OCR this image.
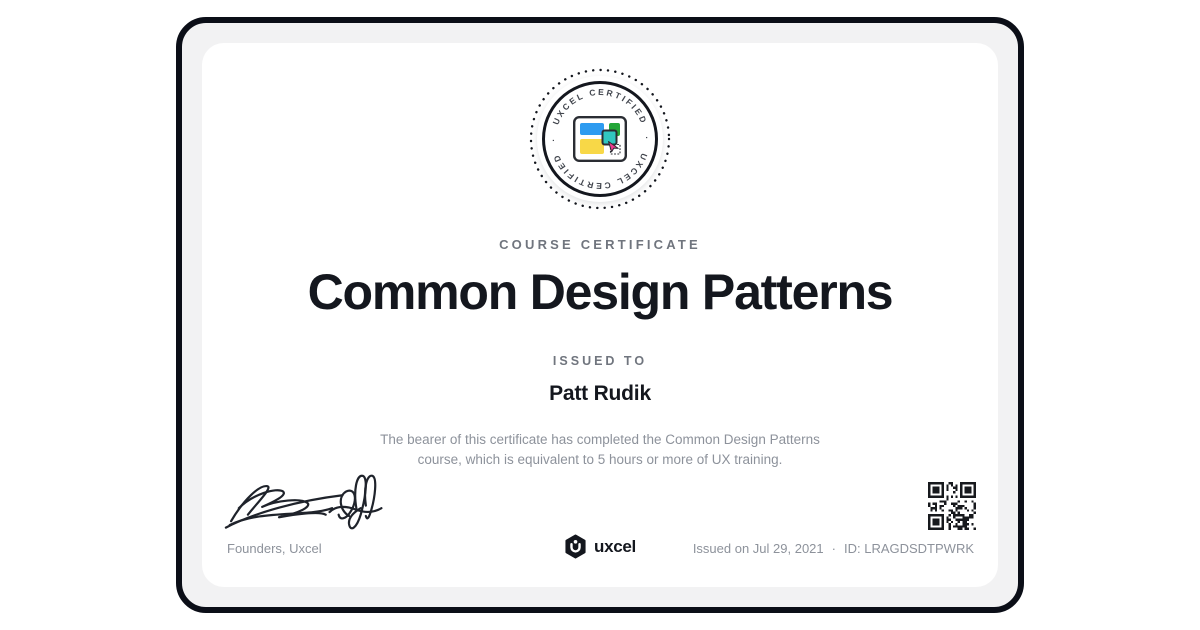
·
UXCEL CERTIFIED
·
UXCEL CERTIFIED
COURSE CERTIFICATE
Common Design Patterns
ISSUED TO
Patt Rudik
The bearer of this certificate has completed the Common Design Patterns
course, which is equivalent to 5 hours or more of UX training.
Founders, Uxcel	uxcel	Issued on Jul 29, 2021 · ID: LRAGDSDTPWRK
